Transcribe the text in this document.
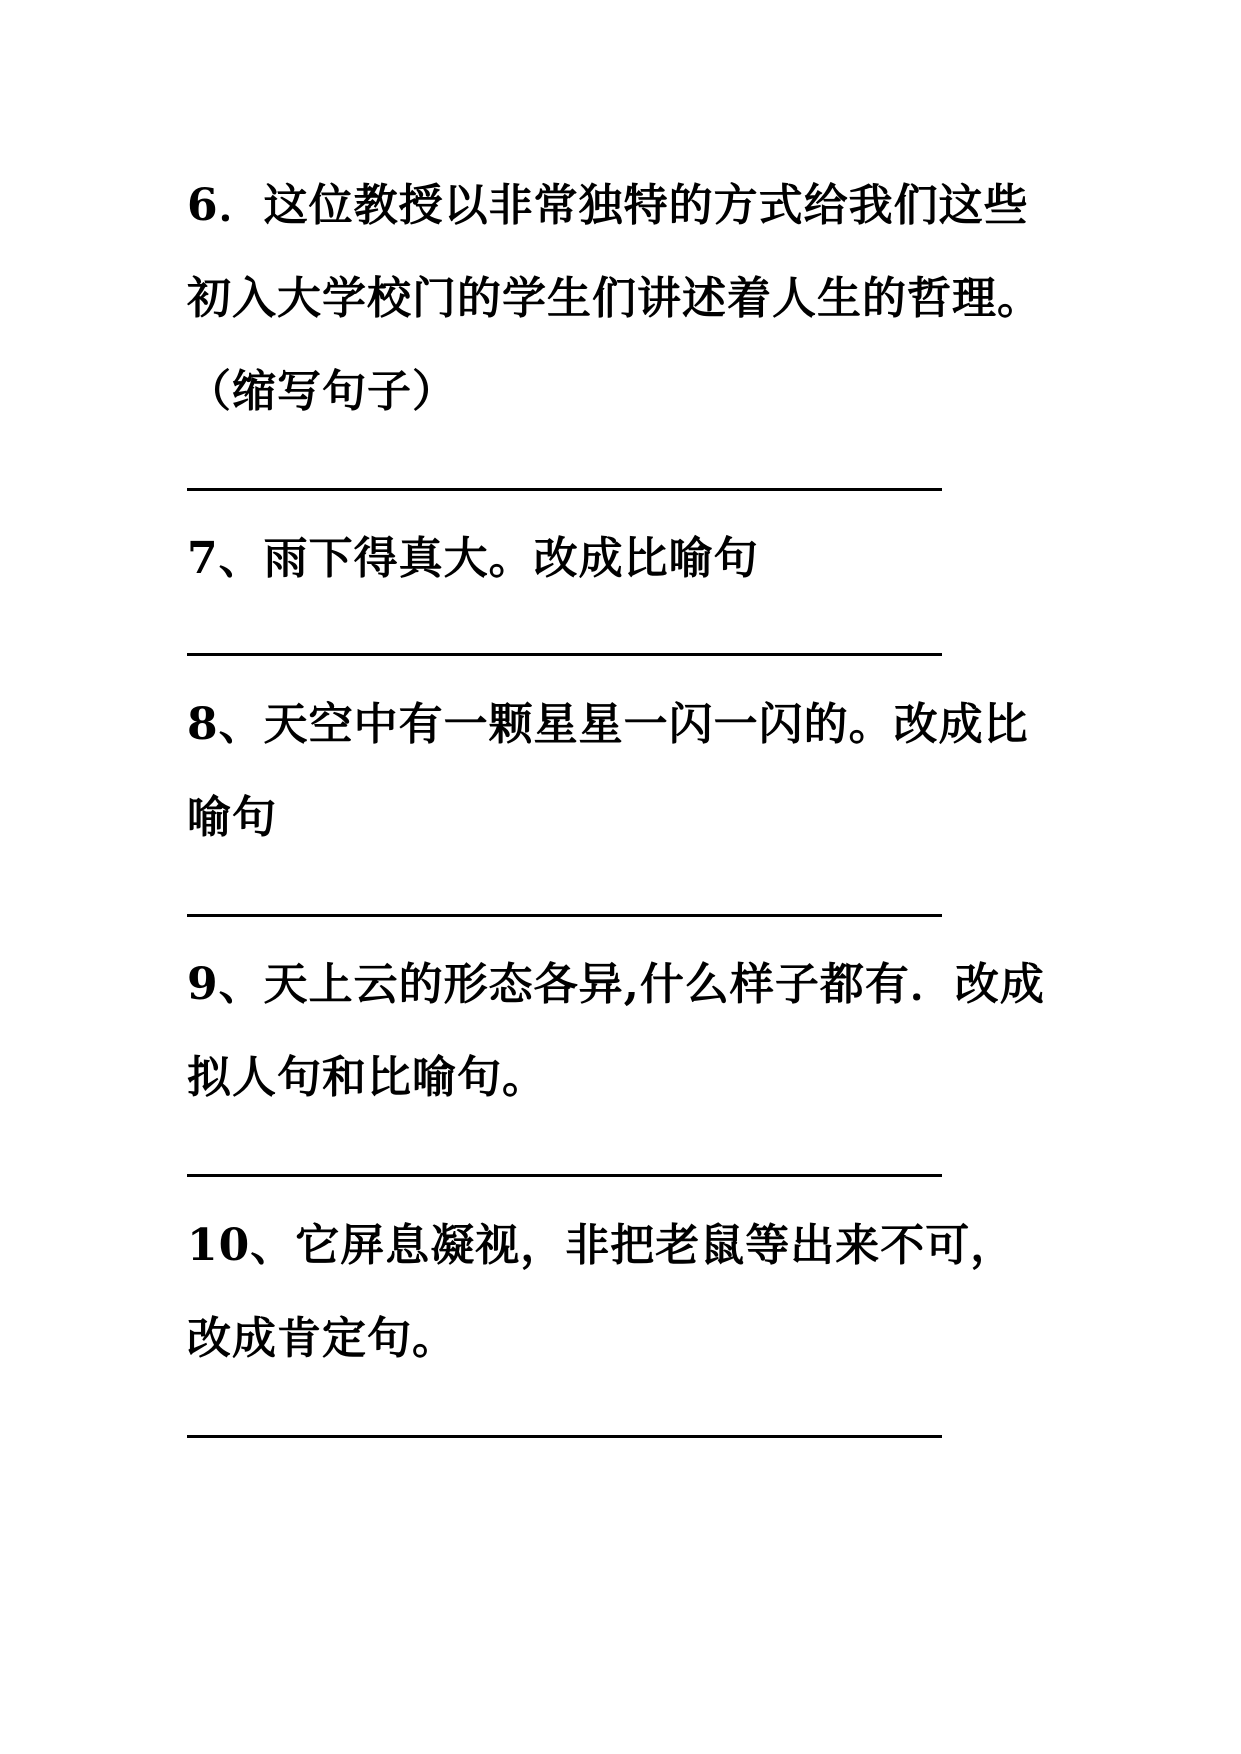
6．这位教授以非常独特的方式给我们这些
初入大学校门的学生们讲述着人生的哲理。
（缩写句子）
7、雨下得真大。改成比喻句
8、天空中有一颗星星一闪一闪的。改成比
喻句
9、天上云的形态各异,什么样子都有．改成
拟人句和比喻句。
10、它屏息凝视，非把老鼠等出来不可，
改成肯定句。
